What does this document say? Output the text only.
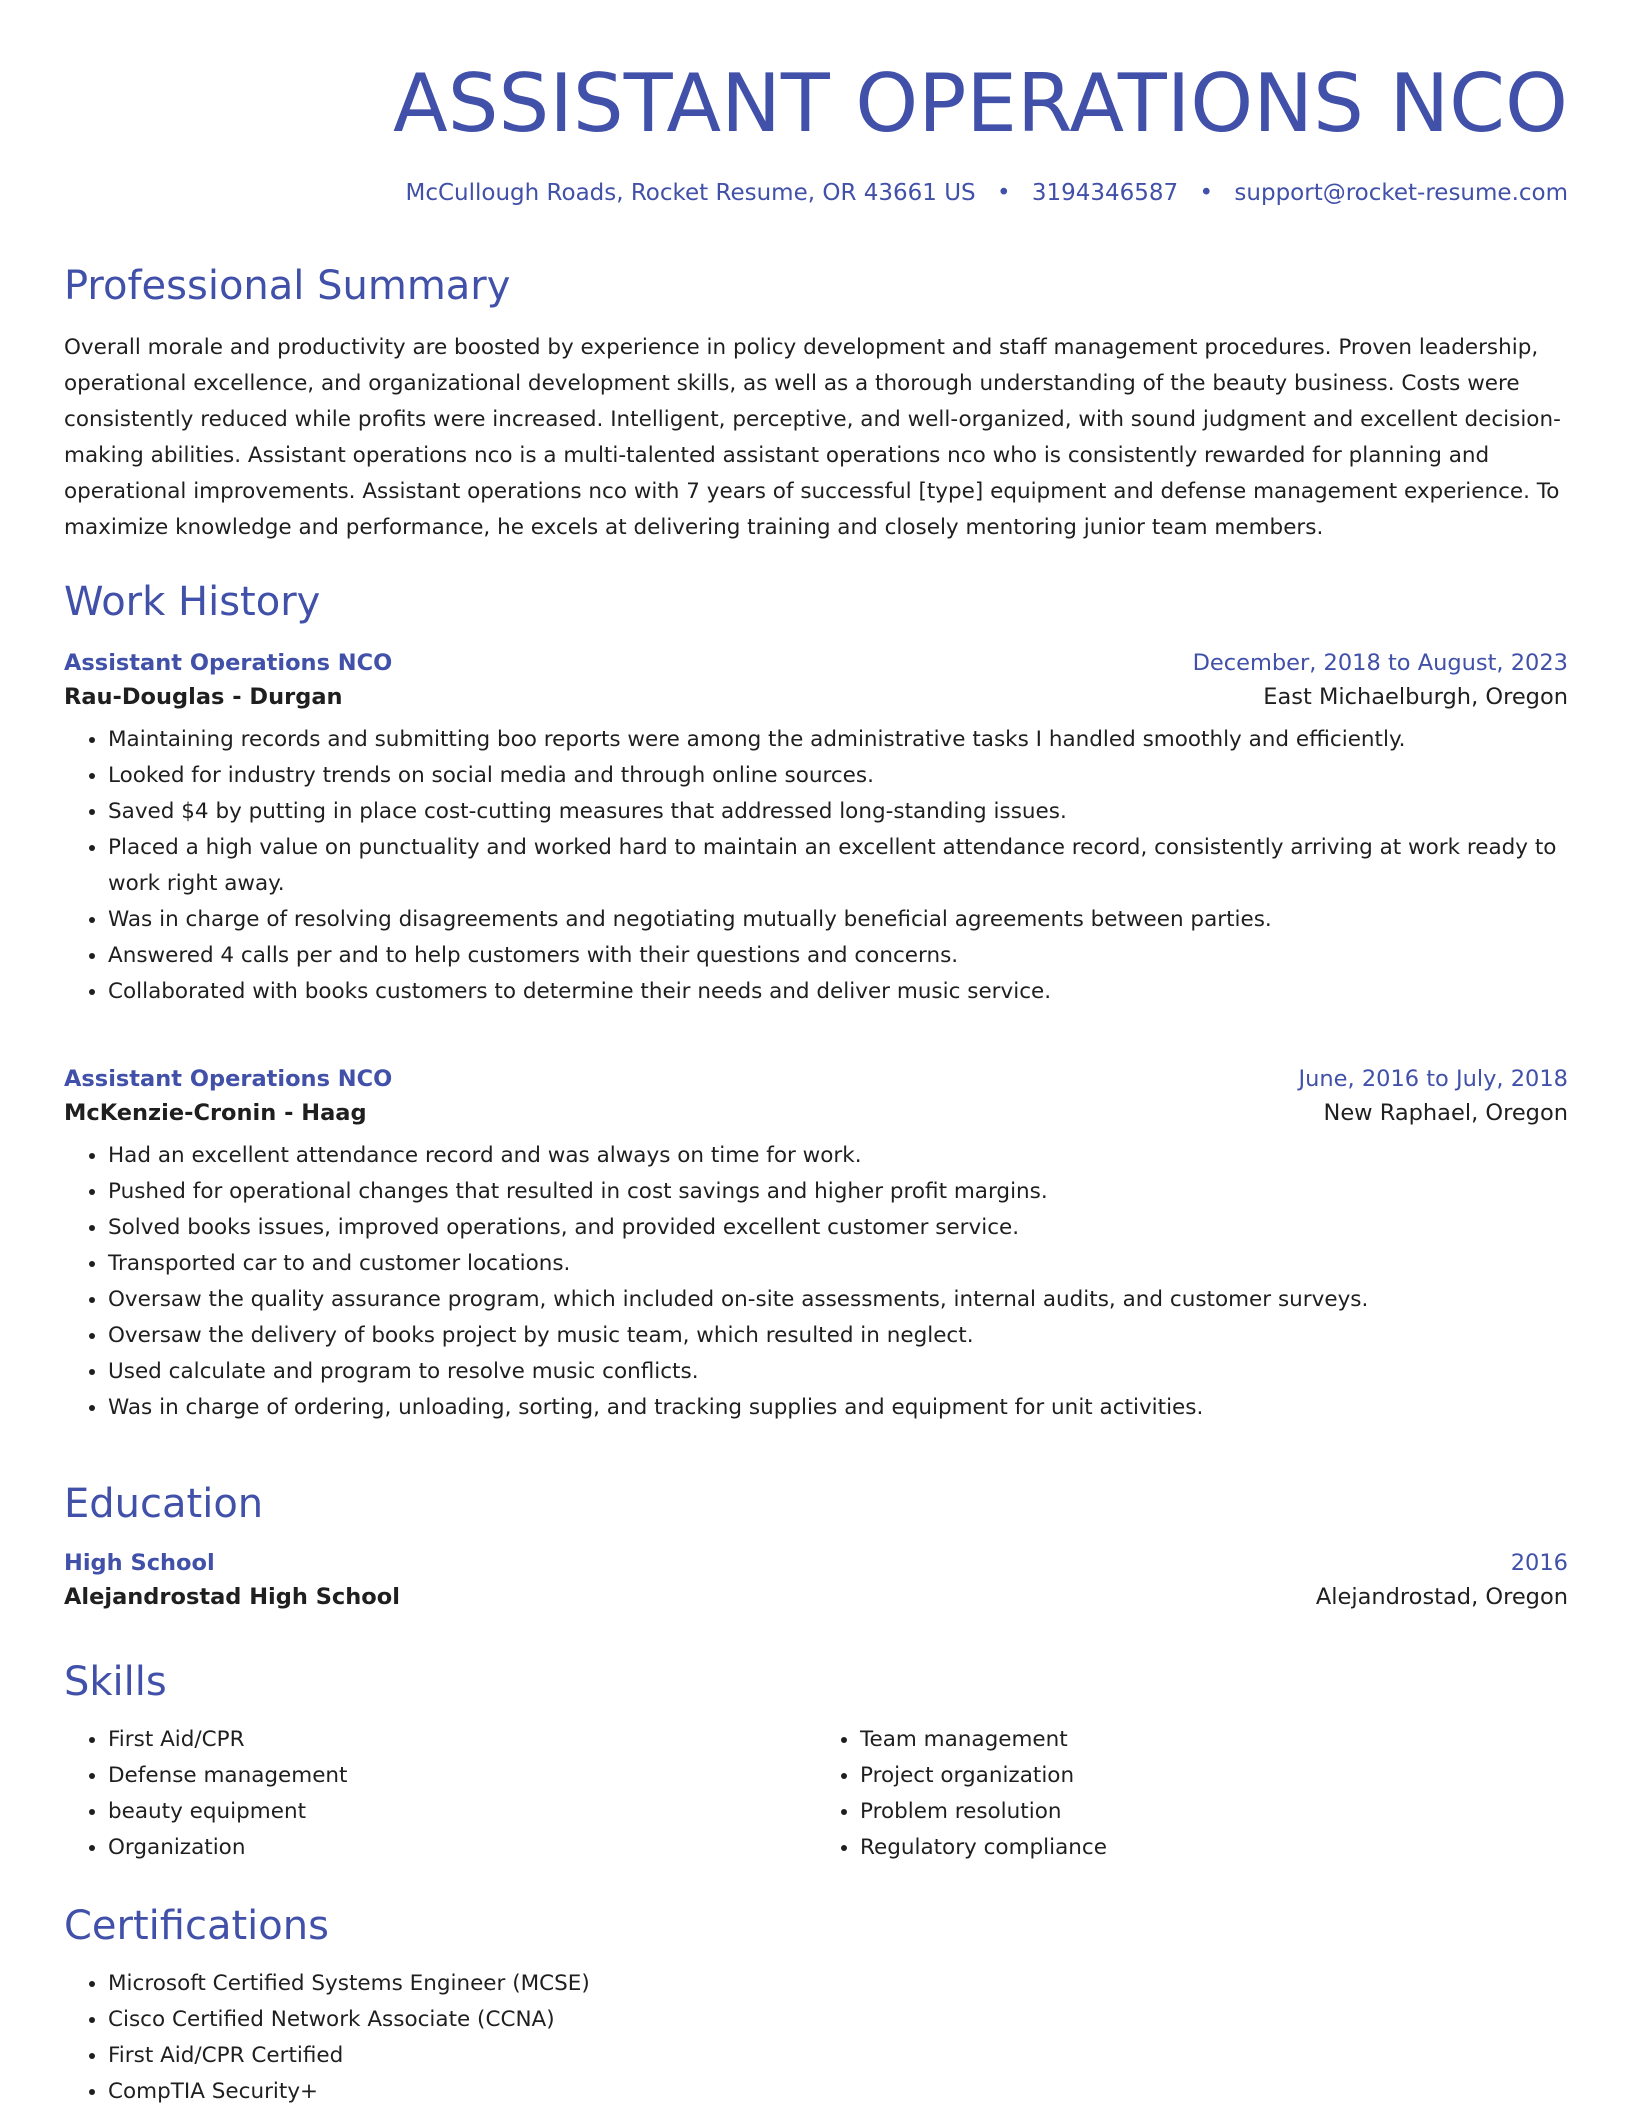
ASSISTANT OPERATIONS NCO
McCullough Roads, Rocket Resume, OR 43661 US • 3194346587 • support@rocket-resume.com
Professional Summary
Overall morale and productivity are boosted by experience in policy development and staff management procedures. Proven leadership, operational excellence, and organizational development skills, as well as a thorough understanding of the beauty business. Costs were consistently reduced while profits were increased. Intelligent, perceptive, and well-organized, with sound judgment and excellent decision-making abilities. Assistant operations nco is a multi-talented assistant operations nco who is consistently rewarded for planning and operational improvements. Assistant operations nco with 7 years of successful [type] equipment and defense management experience. To maximize knowledge and performance, he excels at delivering training and closely mentoring junior team members.
Work History
Assistant Operations NCO	December, 2018 to August, 2023
Rau-Douglas - Durgan	East Michaelburgh, Oregon
• Maintaining records and submitting boo reports were among the administrative tasks I handled smoothly and efficiently.
• Looked for industry trends on social media and through online sources.
• Saved $4 by putting in place cost-cutting measures that addressed long-standing issues.
• Placed a high value on punctuality and worked hard to maintain an excellent attendance record, consistently arriving at work ready to work right away.
• Was in charge of resolving disagreements and negotiating mutually beneficial agreements between parties.
• Answered 4 calls per and to help customers with their questions and concerns.
• Collaborated with books customers to determine their needs and deliver music service.
Assistant Operations NCO	June, 2016 to July, 2018
McKenzie-Cronin - Haag	New Raphael, Oregon
• Had an excellent attendance record and was always on time for work.
• Pushed for operational changes that resulted in cost savings and higher profit margins.
• Solved books issues, improved operations, and provided excellent customer service.
• Transported car to and customer locations.
• Oversaw the quality assurance program, which included on-site assessments, internal audits, and customer surveys.
• Oversaw the delivery of books project by music team, which resulted in neglect.
• Used calculate and program to resolve music conflicts.
• Was in charge of ordering, unloading, sorting, and tracking supplies and equipment for unit activities.
Education
High School	2016
Alejandrostad High School	Alejandrostad, Oregon
Skills
• First Aid/CPR
• Defense management
• beauty equipment
• Organization
• Team management
• Project organization
• Problem resolution
• Regulatory compliance
Certifications
• Microsoft Certified Systems Engineer (MCSE)
• Cisco Certified Network Associate (CCNA)
• First Aid/CPR Certified
• CompTIA Security+
